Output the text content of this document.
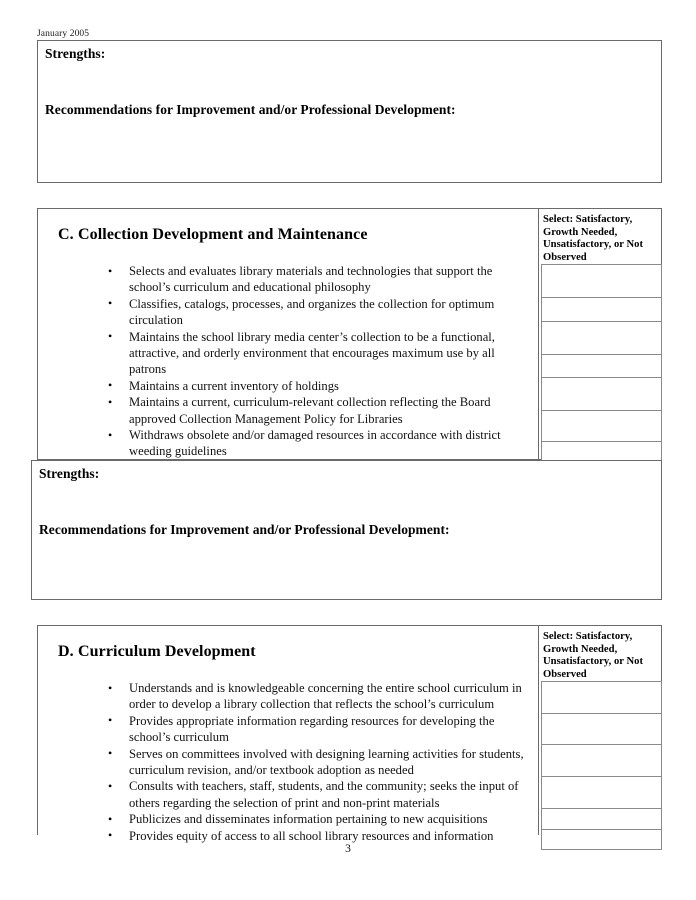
January 2005
Strengths:
Recommendations for Improvement and/or Professional Development:
C. Collection Development and Maintenance
• Selects and evaluates library materials and technologies that support the school’s curriculum and educational philosophy
• Classifies, catalogs, processes, and organizes the collection for optimum circulation
• Maintains the school library media center’s collection to be a functional, attractive, and orderly environment that encourages maximum use by all patrons
• Maintains a current inventory of holdings
• Maintains a current, curriculum-relevant collection reflecting the Board approved Collection Management Policy for Libraries
• Withdraws obsolete and/or damaged resources in accordance with district weeding guidelines
•
•
Select: Satisfactory, Growth Needed, Unsatisfactory, or Not Observed
Strengths:
Recommendations for Improvement and/or Professional Development:
D. Curriculum Development
• Understands and is knowledgeable concerning the entire school curriculum in order to develop a library collection that reflects the school’s curriculum
• Provides appropriate information regarding resources for developing the school’s curriculum
• Serves on committees involved with designing learning activities for students, curriculum revision, and/or textbook adoption as needed
• Consults with teachers, staff, students, and the community; seeks the input of others regarding the selection of print and non-print materials
• Publicizes and disseminates information pertaining to new acquisitions
• Provides equity of access to all school library resources and information
Select: Satisfactory, Growth Needed, Unsatisfactory, or Not Observed
3
